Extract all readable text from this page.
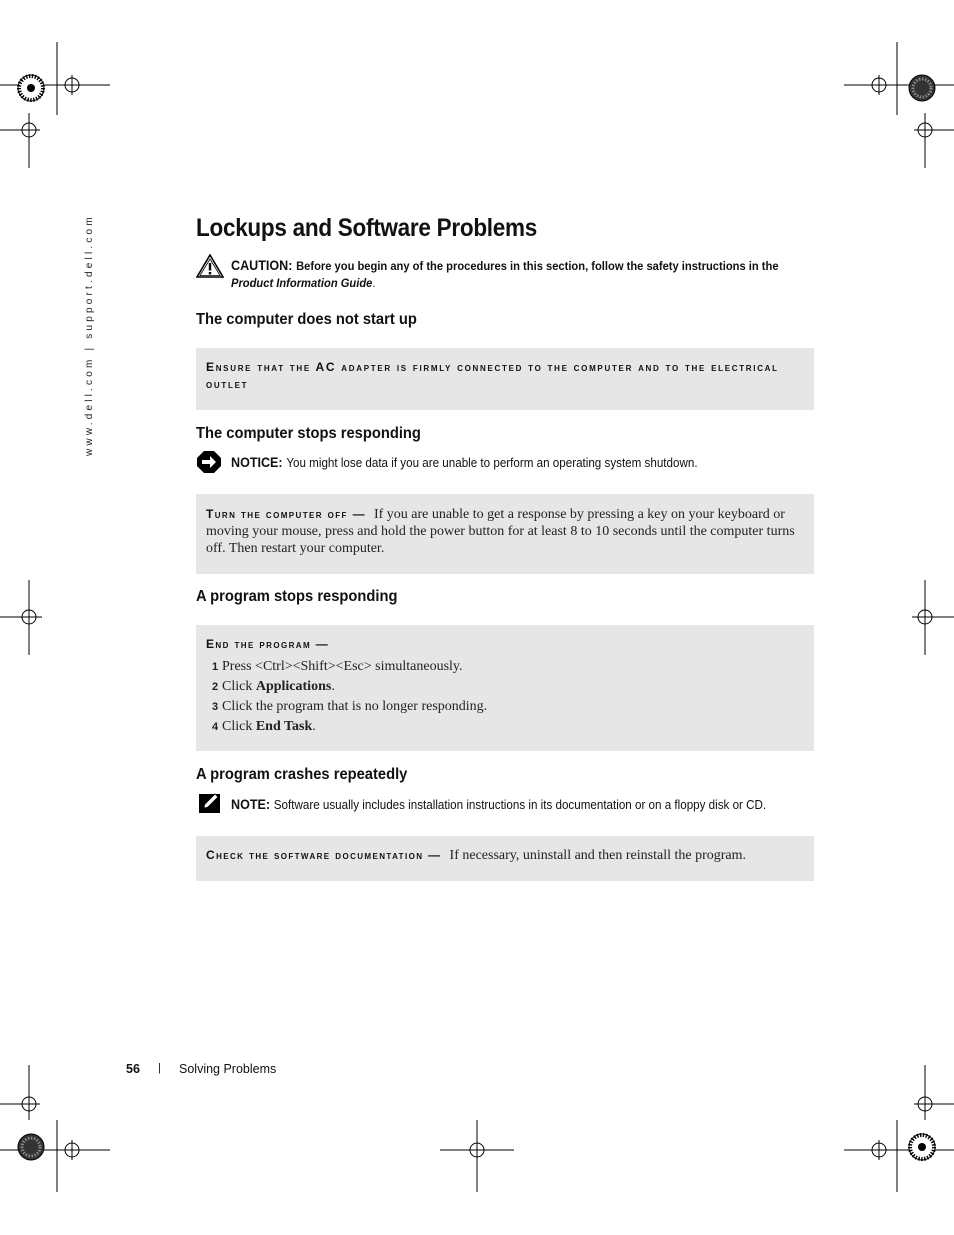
www.dell.com | support.dell.com	Lockups and Software Problems
CAUTION: Before you begin any of the procedures in this section, follow the safety instructions in the
Product Information Guide.
The computer does not start up
Ensure that the AC adapter is firmly connected to the computer and to the electrical
outlet
The computer stops responding
NOTICE: You might lose data if you are unable to perform an operating system shutdown.
Turn the computer off — If you are unable to get a response by pressing a key on your keyboard or moving your mouse, press and hold the power button for at least 8 to 10 seconds until the computer turns off. Then restart your computer.
A program stops responding
End the program —
1 Press <Ctrl><Shift><Esc> simultaneously.
2 Click Applications.
3 Click the program that is no longer responding.
4 Click End Task.
A program crashes repeatedly
NOTE: Software usually includes installation instructions in its documentation or on a floppy disk or CD.
Check the software documentation — If necessary, uninstall and then reinstall the program.
56 | Solving Problems
